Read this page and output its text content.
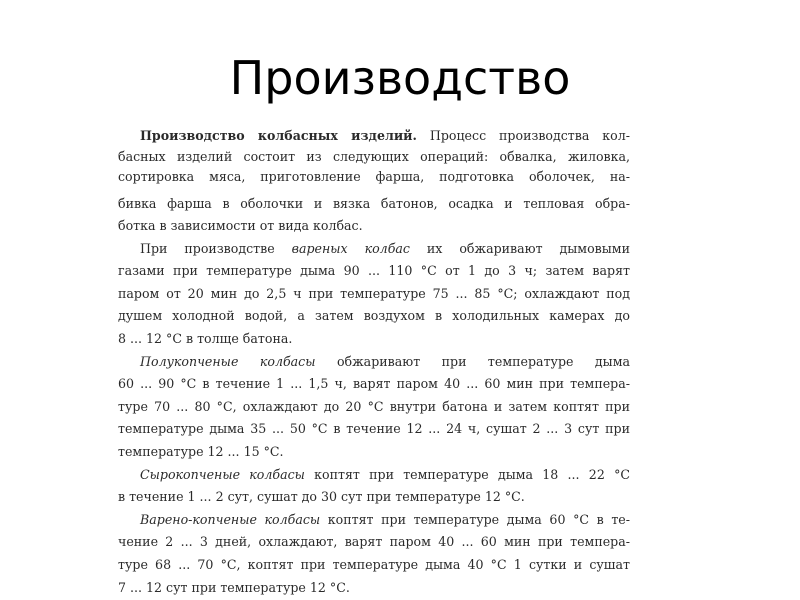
Производство
Производство колбасных изделий. Процесс производства кол-
басных изделий состоит из следующих операций: обвалка, жиловка,
сортировка мяса, приготовление фарша, подготовка оболочек, на-
бивка фарша в оболочки и вязка батонов, осадка и тепловая обра-
ботка в зависимости от вида колбас.
При производстве вареных колбас их обжаривают дымовыми
газами при температуре дыма 90 ... 110 °С от 1 до 3 ч; затем варят
паром от 20 мин до 2,5 ч при температуре 75 ... 85 °С; охлаждают под
душем холодной водой, а затем воздухом в холодильных камерах до
8 ... 12 °С в толще батона.
Полукопченые колбасы обжаривают при температуре дыма
60 ... 90 °С в течение 1 ... 1,5 ч, варят паром 40 ... 60 мин при темпера-
туре 70 ... 80 °С, охлаждают до 20 °С внутри батона и затем коптят при
температуре дыма 35 ... 50 °С в течение 12 ... 24 ч, сушат 2 ... 3 сут при
температуре 12 ... 15 °С.
Сырокопченые колбасы коптят при температуре дыма 18 ... 22 °С
в течение 1 ... 2 сут, сушат до 30 сут при температуре 12 °С.
Варено-копченые колбасы коптят при температуре дыма 60 °С в те-
чение 2 ... 3 дней, охлаждают, варят паром 40 ... 60 мин при темпера-
туре 68 ... 70 °С, коптят при температуре дыма 40 °С 1 сутки и сушат
7 ... 12 сут при температуре 12 °С.
